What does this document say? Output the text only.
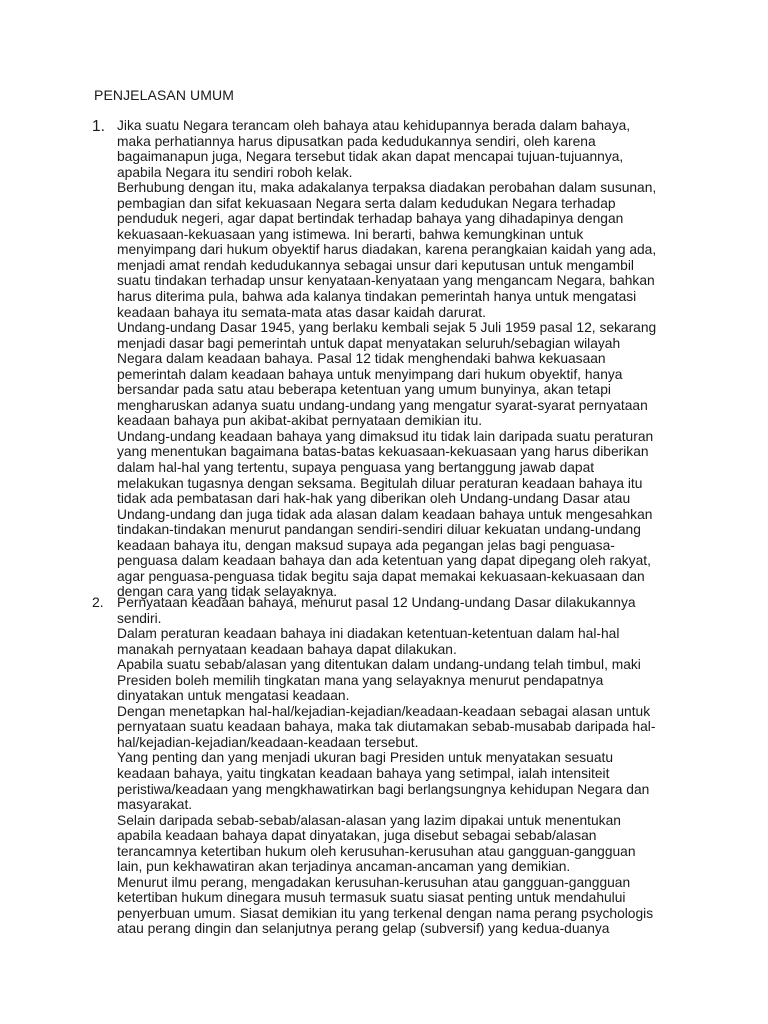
PENJELASAN UMUM
1. Jika suatu Negara terancam oleh bahaya atau kehidupannya berada dalam bahaya,
maka perhatiannya harus dipusatkan pada kedudukannya sendiri, oleh karena
bagaimanapun juga, Negara tersebut tidak akan dapat mencapai tujuan-tujuannya,
apabila Negara itu sendiri roboh kelak.
Berhubung dengan itu, maka adakalanya terpaksa diadakan perobahan dalam susunan,
pembagian dan sifat kekuasaan Negara serta dalam kedudukan Negara terhadap
penduduk negeri, agar dapat bertindak terhadap bahaya yang dihadapinya dengan
kekuasaan-kekuasaan yang istimewa. Ini berarti, bahwa kemungkinan untuk
menyimpang dari hukum obyektif harus diadakan, karena perangkaian kaidah yang ada,
menjadi amat rendah kedudukannya sebagai unsur dari keputusan untuk mengambil
suatu tindakan terhadap unsur kenyataan-kenyataan yang mengancam Negara, bahkan
harus diterima pula, bahwa ada kalanya tindakan pemerintah hanya untuk mengatasi
keadaan bahaya itu semata-mata atas dasar kaidah darurat.
Undang-undang Dasar 1945, yang berlaku kembali sejak 5 Juli 1959 pasal 12, sekarang
menjadi dasar bagi pemerintah untuk dapat menyatakan seluruh/sebagian wilayah
Negara dalam keadaan bahaya. Pasal 12 tidak menghendaki bahwa kekuasaan
pemerintah dalam keadaan bahaya untuk menyimpang dari hukum obyektif, hanya
bersandar pada satu atau beberapa ketentuan yang umum bunyinya, akan tetapi
mengharuskan adanya suatu undang-undang yang mengatur syarat-syarat pernyataan
keadaan bahaya pun akibat-akibat pernyataan demikian itu.
Undang-undang keadaan bahaya yang dimaksud itu tidak lain daripada suatu peraturan
yang menentukan bagaimana batas-batas kekuasaan-kekuasaan yang harus diberikan
dalam hal-hal yang tertentu, supaya penguasa yang bertanggung jawab dapat
melakukan tugasnya dengan seksama. Begitulah diluar peraturan keadaan bahaya itu
tidak ada pembatasan dari hak-hak yang diberikan oleh Undang-undang Dasar atau
Undang-undang dan juga tidak ada alasan dalam keadaan bahaya untuk mengesahkan
tindakan-tindakan menurut pandangan sendiri-sendiri diluar kekuatan undang-undang
keadaan bahaya itu, dengan maksud supaya ada pegangan jelas bagi penguasa-
penguasa dalam keadaan bahaya dan ada ketentuan yang dapat dipegang oleh rakyat,
agar penguasa-penguasa tidak begitu saja dapat memakai kekuasaan-kekuasaan dan
dengan cara yang tidak selayaknya.
2. Pernyataan keadaan bahaya, menurut pasal 12 Undang-undang Dasar dilakukannya
sendiri.
Dalam peraturan keadaan bahaya ini diadakan ketentuan-ketentuan dalam hal-hal
manakah pernyataan keadaan bahaya dapat dilakukan.
Apabila suatu sebab/alasan yang ditentukan dalam undang-undang telah timbul, maki
Presiden boleh memilih tingkatan mana yang selayaknya menurut pendapatnya
dinyatakan untuk mengatasi keadaan.
Dengan menetapkan hal-hal/kejadian-kejadian/keadaan-keadaan sebagai alasan untuk
pernyataan suatu keadaan bahaya, maka tak diutamakan sebab-musabab daripada hal-
hal/kejadian-kejadian/keadaan-keadaan tersebut.
Yang penting dan yang menjadi ukuran bagi Presiden untuk menyatakan sesuatu
keadaan bahaya, yaitu tingkatan keadaan bahaya yang setimpal, ialah intensiteit
peristiwa/keadaan yang mengkhawatirkan bagi berlangsungnya kehidupan Negara dan
masyarakat.
Selain daripada sebab-sebab/alasan-alasan yang lazim dipakai untuk menentukan
apabila keadaan bahaya dapat dinyatakan, juga disebut sebagai sebab/alasan
terancamnya ketertiban hukum oleh kerusuhan-kerusuhan atau gangguan-gangguan
lain, pun kekhawatiran akan terjadinya ancaman-ancaman yang demikian.
Menurut ilmu perang, mengadakan kerusuhan-kerusuhan atau gangguan-gangguan
ketertiban hukum dinegara musuh termasuk suatu siasat penting untuk mendahului
penyerbuan umum. Siasat demikian itu yang terkenal dengan nama perang psychologis
atau perang dingin dan selanjutnya perang gelap (subversif) yang kedua-duanya
